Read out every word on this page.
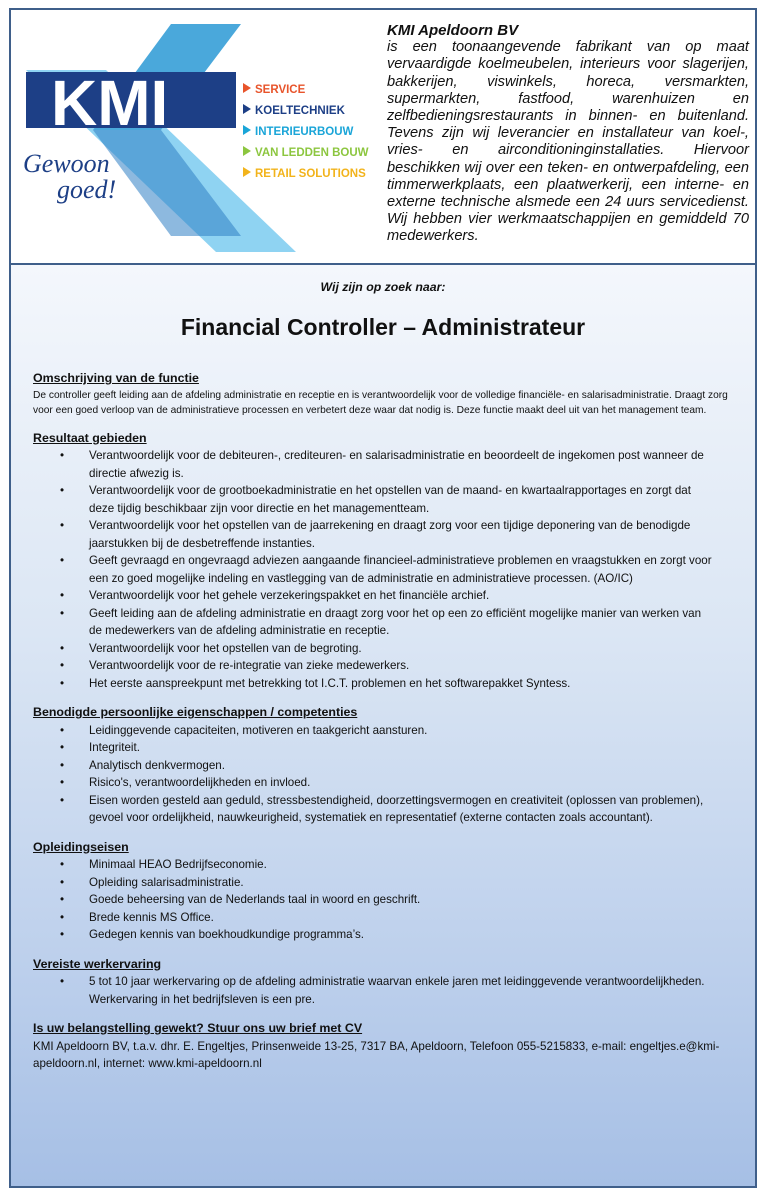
KMI
Gewoon
goed!
SERVICE
KOELTECHNIEK
INTERIEURBOUW
VAN LEDDEN BOUW
RETAIL SOLUTIONS
KMI Apeldoorn BV
is een toonaangevende fabrikant van op maat vervaardigde koelmeubelen, interieurs voor slagerijen, bakkerijen, viswinkels, horeca, versmarkten, supermarkten, fastfood, warenhuizen en zelfbedieningsrestaurants in binnen- en buitenland. Tevens zijn wij leverancier en installateur van koel-, vries- en airconditioninginstallaties. Hiervoor beschikken wij over een teken- en ontwerpafdeling, een timmerwerkplaats, een plaatwerkerij, een interne- en externe technische alsmede een 24 uurs servicedienst. Wij hebben vier werkmaatschappijen en gemiddeld 70 medewerkers.
Wij zijn op zoek naar:
Financial Controller – Administrateur
Omschrijving van de functie
De controller geeft leiding aan de afdeling administratie en receptie en is verantwoordelijk voor de volledige financiële- en salarisadministratie. Draagt zorg voor een goed verloop van de administratieve processen en verbetert deze waar dat nodig is. Deze functie maakt deel uit van het management team.
Resultaat gebieden
• Verantwoordelijk voor de debiteuren-, crediteuren- en salarisadministratie en beoordeelt de ingekomen post wanneer de directie afwezig is.
• Verantwoordelijk voor de grootboekadministratie en het opstellen van de maand- en kwartaalrapportages en zorgt dat deze tijdig beschikbaar zijn voor directie en het managementteam.
• Verantwoordelijk voor het opstellen van de jaarrekening en draagt zorg voor een tijdige deponering van de benodigde jaarstukken bij de desbetreffende instanties.
• Geeft gevraagd en ongevraagd adviezen aangaande financieel-administratieve problemen en vraagstukken en zorgt voor een zo goed mogelijke indeling en vastlegging van de administratie en administratieve processen. (AO/IC)
• Verantwoordelijk voor het gehele verzekeringspakket en het financiële archief.
• Geeft leiding aan de afdeling administratie en draagt zorg voor het op een zo efficiënt mogelijke manier van werken van de medewerkers van de afdeling administratie en receptie.
• Verantwoordelijk voor het opstellen van de begroting.
• Verantwoordelijk voor de re-integratie van zieke medewerkers.
• Het eerste aanspreekpunt met betrekking tot I.C.T. problemen en het softwarepakket Syntess.
Benodigde persoonlijke eigenschappen / competenties
• Leidinggevende capaciteiten, motiveren en taakgericht aansturen.
• Integriteit.
• Analytisch denkvermogen.
• Risico's, verantwoordelijkheden en invloed.
• Eisen worden gesteld aan geduld, stressbestendigheid, doorzettingsvermogen en creativiteit (oplossen van problemen), gevoel voor ordelijkheid, nauwkeurigheid, systematiek en representatief (externe contacten zoals accountant).
Opleidingseisen
• Minimaal HEAO Bedrijfseconomie.
• Opleiding salarisadministratie.
• Goede beheersing van de Nederlands taal in woord en geschrift.
• Brede kennis MS Office.
• Gedegen kennis van boekhoudkundige programma’s.
Vereiste werkervaring
• 5 tot 10 jaar werkervaring op de afdeling administratie waarvan enkele jaren met leidinggevende verantwoordelijkheden. Werkervaring in het bedrijfsleven is een pre.
Is uw belangstelling gewekt? Stuur ons uw brief met CV
KMI Apeldoorn BV, t.a.v. dhr. E. Engeltjes, Prinsenweide 13-25, 7317 BA, Apeldoorn, Telefoon 055-5215833, e-mail: engeltjes.e@kmi-apeldoorn.nl, internet: www.kmi-apeldoorn.nl
